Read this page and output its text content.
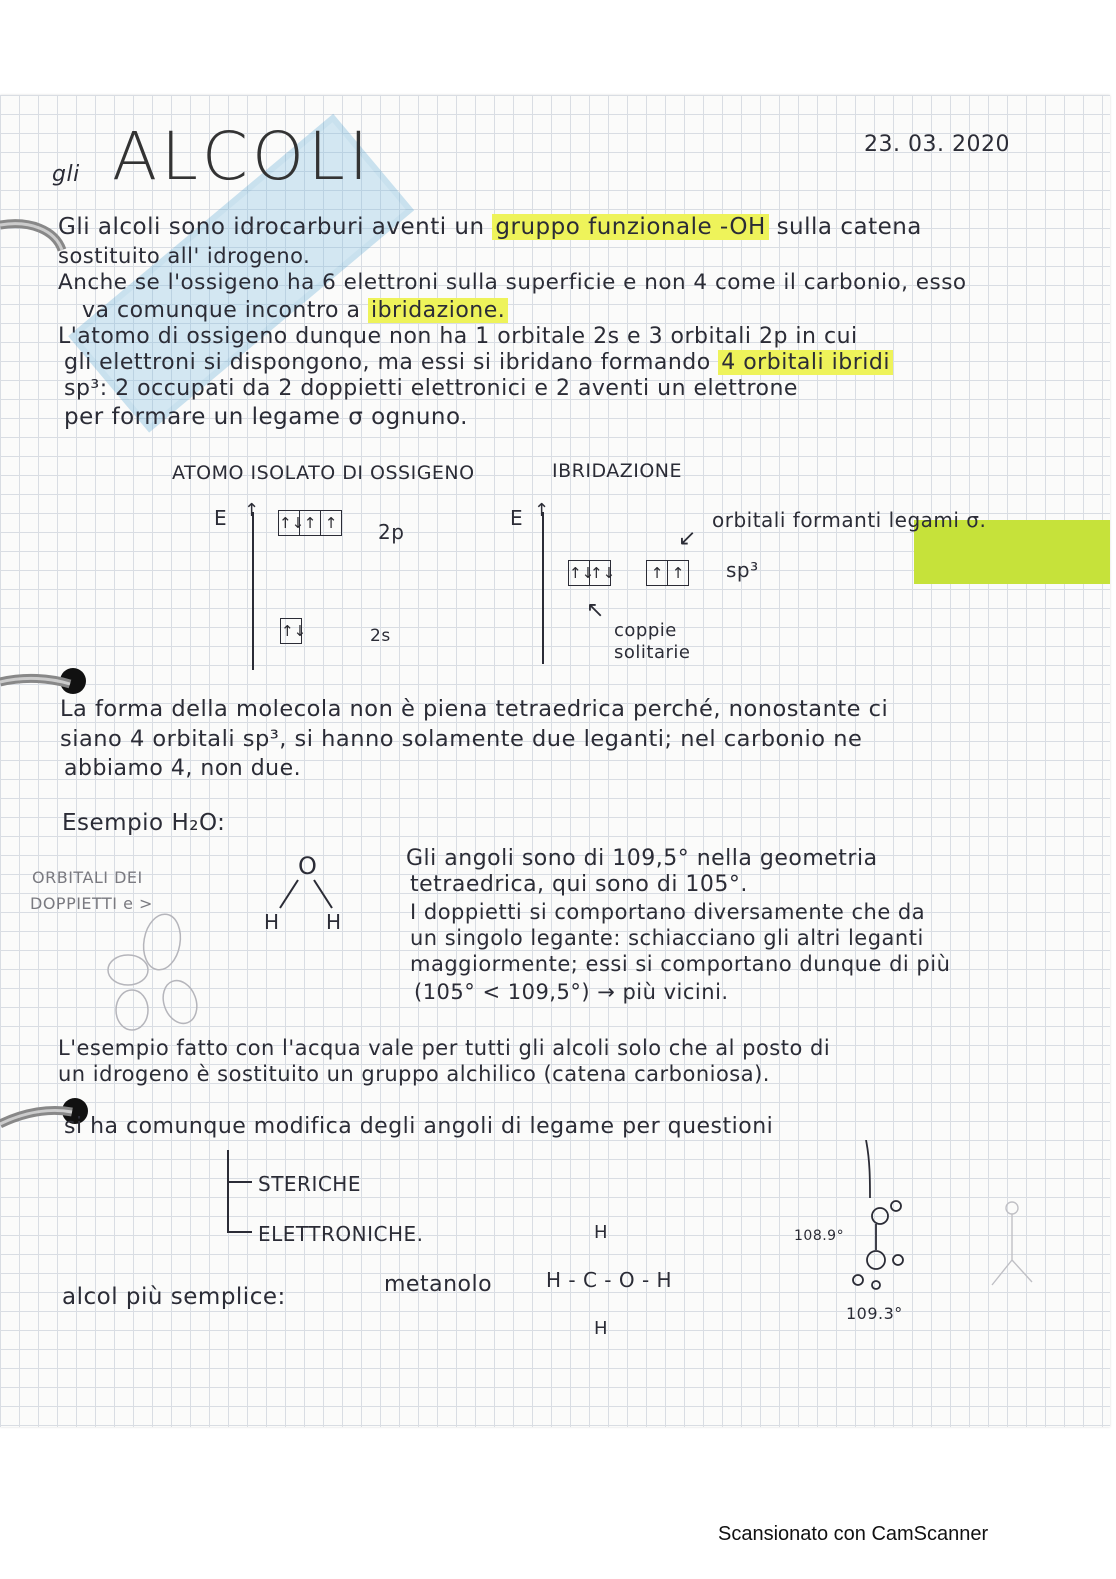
gli ALCOLI	23. 03. 2020
Gli alcoli sono idrocarburi aventi un gruppo funzionale -OH sulla catena
sostituito all' idrogeno.
Anche se l'ossigeno ha 6 elettroni sulla superficie e non 4 come il carbonio, esso
va comunque incontro a ibridazione.
L'atomo di ossigeno dunque non ha 1 orbitale 2s e 3 orbitali 2p in cui
gli elettroni si dispongono, ma essi si ibridano formando 4 orbitali ibridi
sp³: 2 occupati da 2 doppietti elettronici e 2 aventi un elettrone
per formare un legame σ ognuno.
ATOMO ISOLATO DI OSSIGENO	IBRIDAZIONE
E ↑
↑↓ ↑ ↑ 2p
↑↓	2s
E ↑
↑↓
↑↓ ↑ ↑ sp³
↙
orbitali formanti legami σ.
↖
coppie
solitarie
La forma della molecola non è piena tetraedrica perché, nonostante ci
siano 4 orbitali sp³, si hanno solamente due leganti; nel carbonio ne
abbiamo 4, non due.
Esempio H₂O:
ORBITALI DEI
DOPPIETTI e >
O
H H
Gli angoli sono di 109,5° nella geometria
tetraedrica, qui sono di 105°.
I doppietti si comportano diversamente che da
un singolo legante: schiacciano gli altri leganti
maggiormente; essi si comportano dunque di più
(105° < 109,5°) → più vicini.
L'esempio fatto con l'acqua vale per tutti gli alcoli solo che al posto di
un idrogeno è sostituito un gruppo alchilico (catena carboniosa).
si ha comunque modifica degli angoli di legame per questioni
STERICHE
ELETTRONICHE.
alcol più semplice:	metanolo
H
H - C - O - H
H
108.9°
109.3°
Scansionato con CamScanner
